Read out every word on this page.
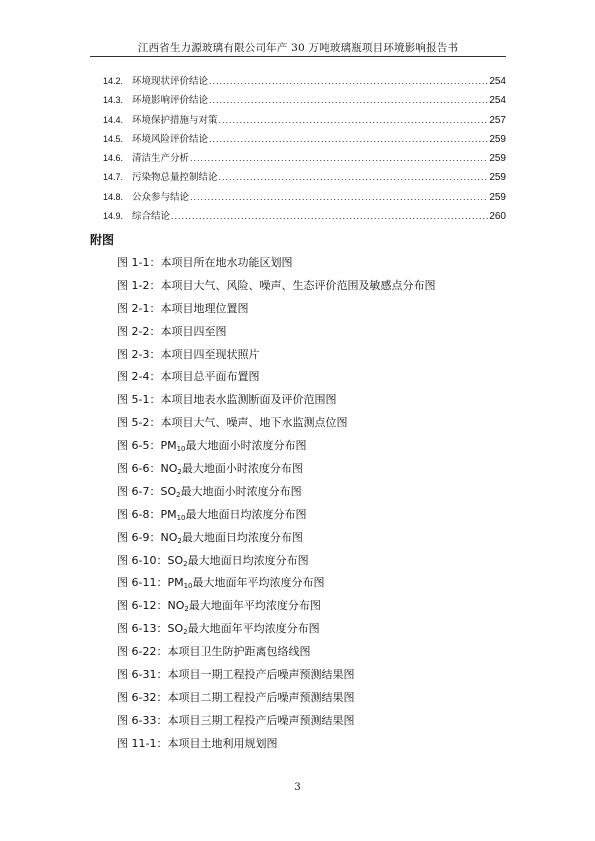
江西省生力源玻璃有限公司年产 30 万吨玻璃瓶项目环境影响报告书
14.2. 环境现状评价结论 .....	254
14.3. 环境影响评价结论 .....	254
14.4. 环境保护措施与对策 .....	257
14.5. 环境风险评价结论 .....	259
14.6. 清洁生产分析 .....	259
14.7. 污染物总量控制结论 .....	259
14.8. 公众参与结论 .....	259
14.9. 综合结论 .....	260
附图
图 1-1：本项目所在地水功能区划图
图 1-2：本项目大气、风险、噪声、生态评价范围及敏感点分布图
图 2-1：本项目地理位置图
图 2-2：本项目四至图
图 2-3：本项目四至现状照片
图 2-4：本项目总平面布置图
图 5-1：本项目地表水监测断面及评价范围图
图 5-2：本项目大气、噪声、地下水监测点位图
图 6-5：$PM_{10}$最大地面小时浓度分布图
图 6-6：$NO_2$最大地面小时浓度分布图
图 6-7：$SO_2$最大地面小时浓度分布图
图 6-8：$PM_{10}$最大地面日均浓度分布图
图 6-9：$NO_2$最大地面日均浓度分布图
图 6-10：$SO_2$最大地面日均浓度分布图
图 6-11：$PM_{10}$最大地面年平均浓度分布图
图 6-12：$NO_2$最大地面年平均浓度分布图
图 6-13：$SO_2$最大地面年平均浓度分布图
图 6-22：本项目卫生防护距离包络线图
图 6-31：本项目一期工程投产后噪声预测结果图
图 6-32：本项目二期工程投产后噪声预测结果图
图 6-33：本项目三期工程投产后噪声预测结果图
图 11-1：本项目土地利用规划图
3
